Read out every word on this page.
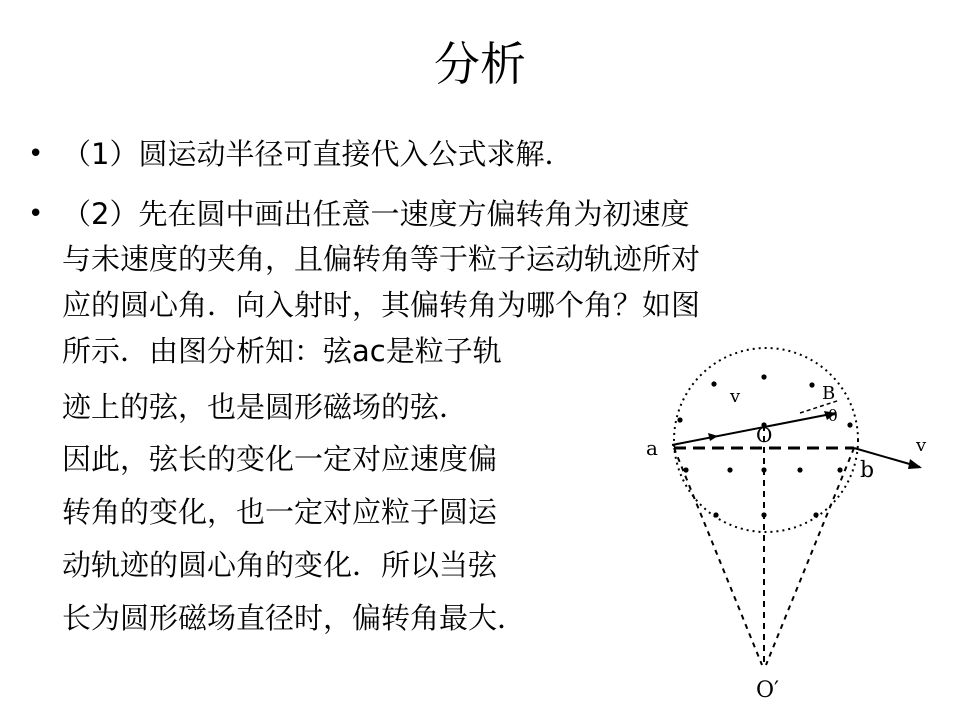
分析
• （1）圆运动半径可直接代入公式求解．
• （2）先在圆中画出任意一速度方偏转角为初速度
与未速度的夹角，且偏转角等于粒子运动轨迹所对
应的圆心角．向入射时，其偏转角为哪个角？如图
所示．由图分析知：弦ac是粒子轨
迹上的弦，也是圆形磁场的弦．
因此，弦长的变化一定对应速度偏
转角的变化，也一定对应粒子圆运
动轨迹的圆心角的变化．所以当弦
长为圆形磁场直径时，偏转角最大．
a
b
O
v
v
B
θ
O′
